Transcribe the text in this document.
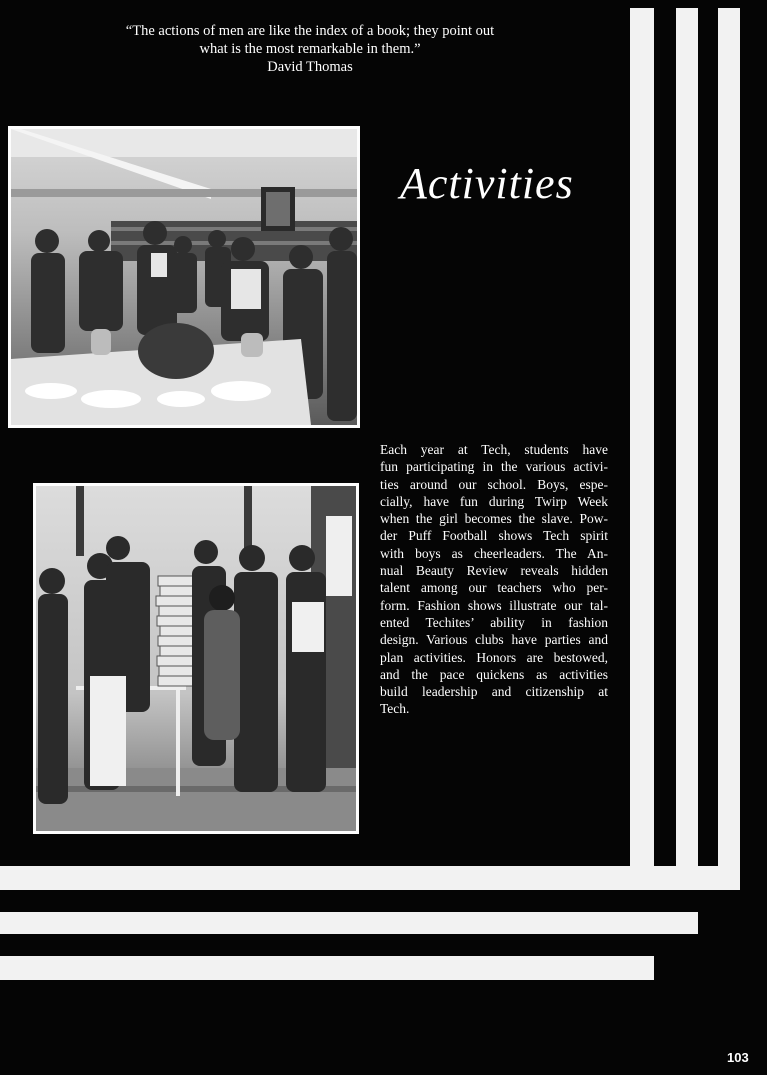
“The actions of men are like the index of a book; they point out
what is the most remarkable in them.”
David Thomas
Activities
Each year at Tech, students have
fun participating in the various activi-
ties around our school. Boys, espe-
cially, have fun during Twirp Week
when the girl becomes the slave. Pow-
der Puff Football shows Tech spirit
with boys as cheerleaders. The An-
nual Beauty Review reveals hidden
talent among our teachers who per-
form. Fashion shows illustrate our tal-
ented Techites’ ability in fashion
design. Various clubs have parties and
plan activities. Honors are bestowed,
and the pace quickens as activities
build leadership and citizenship at
Tech.
103
